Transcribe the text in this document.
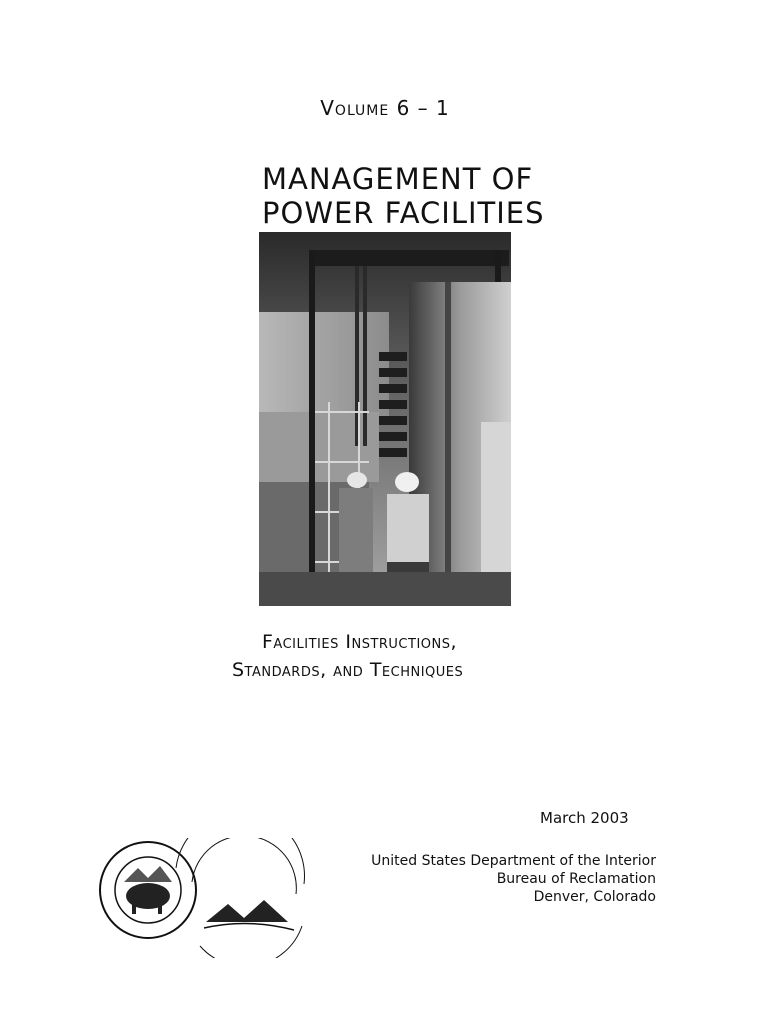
Volume 6 – 1
MANAGEMENT OF
POWER FACILITIES
Facilities Instructions,
Standards, and Techniques
March 2003
United States Department of the Interior
Bureau of Reclamation
Denver, Colorado
